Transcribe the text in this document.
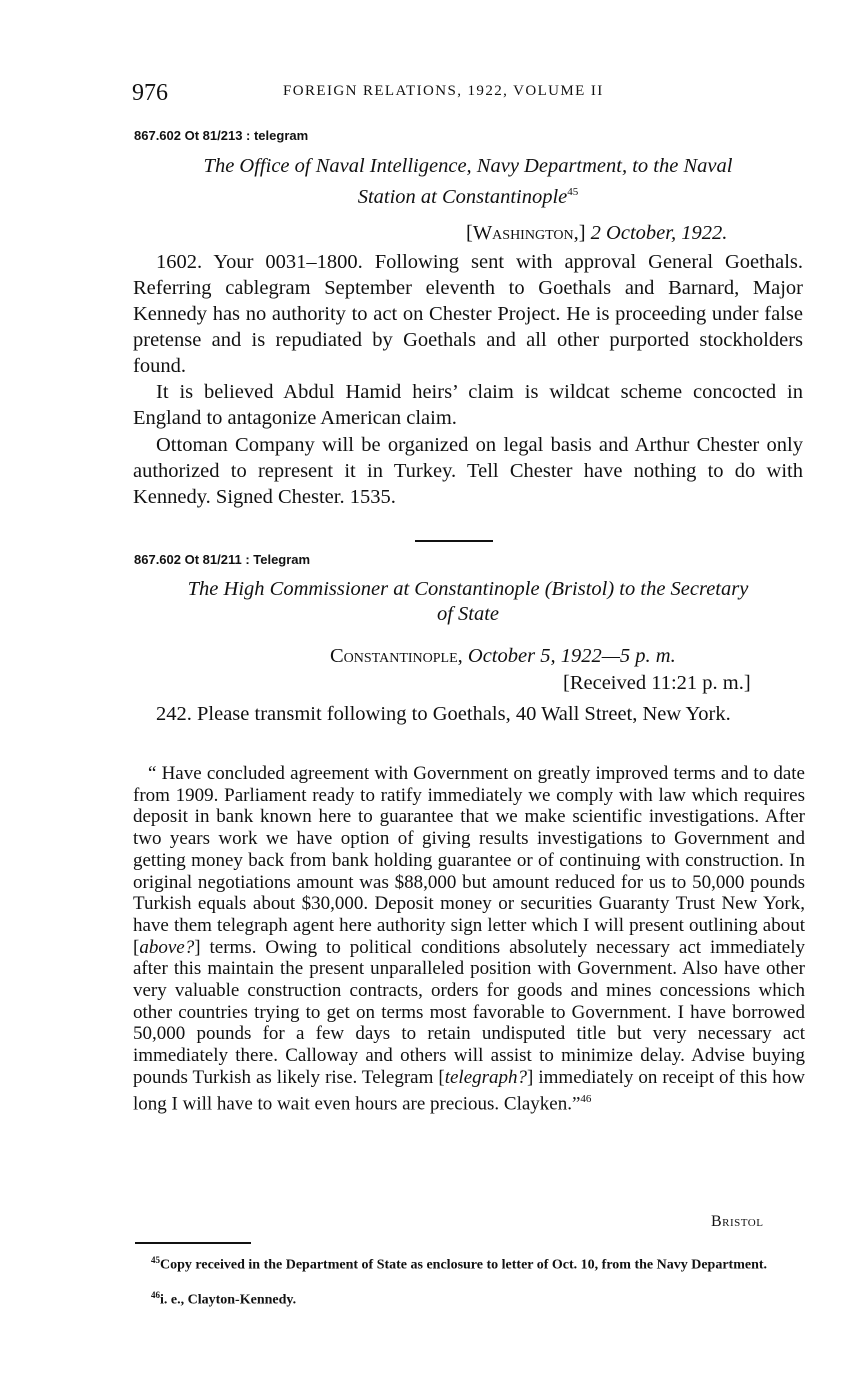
976	FOREIGN RELATIONS, 1922, VOLUME II
867.602 Ot 81/213 : telegram
The Office of Naval Intelligence, Navy Department, to the Naval
Station at Constantinople$^{45}$
[Washington,] 2 October, 1922.
1602. Your 0031–1800. Following sent with approval General Goethals. Referring cablegram September eleventh to Goethals and Barnard, Major Kennedy has no authority to act on Chester Project. He is proceeding under false pretense and is repudiated by Goethals and all other purported stockholders found.
It is believed Abdul Hamid heirs’ claim is wildcat scheme concocted in England to antagonize American claim.
Ottoman Company will be organized on legal basis and Arthur Chester only authorized to represent it in Turkey. Tell Chester have nothing to do with Kennedy. Signed Chester. 1535.
867.602 Ot 81/211 : Telegram
The High Commissioner at Constantinople (Bristol) to the Secretary
of State
Constantinople, October 5, 1922—5 p. m.
[Received 11:21 p. m.]
242. Please transmit following to Goethals, 40 Wall Street, New York.
“ Have concluded agreement with Government on greatly improved terms and to date from 1909. Parliament ready to ratify immediately we comply with law which requires deposit in bank known here to guarantee that we make scientific investigations. After two years work we have option of giving results investigations to Government and getting money back from bank holding guarantee or of continuing with construction. In original negotiations amount was $88,000 but amount reduced for us to 50,000 pounds Turkish equals about $30,000. Deposit money or securities Guaranty Trust New York, have them telegraph agent here authority sign letter which I will present outlining about [above?] terms. Owing to political conditions absolutely necessary act immediately after this maintain the present unparalleled position with Government. Also have other very valuable construction contracts, orders for goods and mines concessions which other countries trying to get on terms most favorable to Government. I have borrowed 50,000 pounds for a few days to retain undisputed title but very necessary act immediately there. Calloway and others will assist to minimize delay. Advise buying pounds Turkish as likely rise. Telegram [telegraph?] immediately on receipt of this how long I will have to wait even hours are precious. Clayken.”$^{46}$
Bristol
$^{45}$Copy received in the Department of State as enclosure to letter of Oct. 10, from the Navy Department.
$^{46}$i. e., Clayton-Kennedy.
